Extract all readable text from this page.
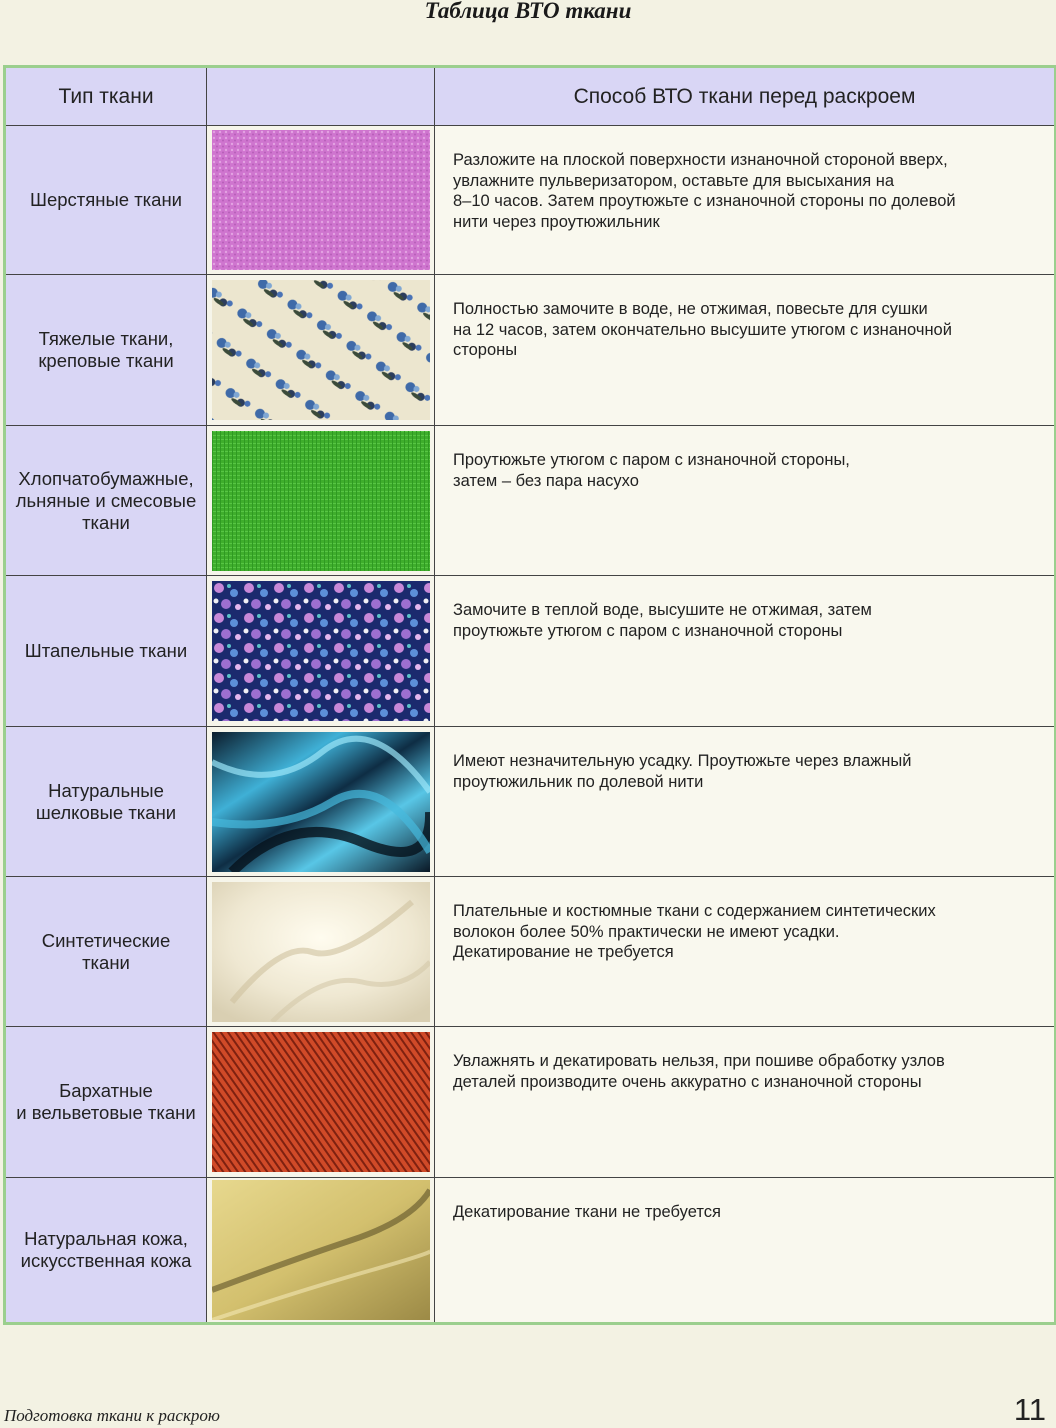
Таблица ВТО ткани
Тип ткани		Способ ВТО ткани перед раскроем
Шерстяные ткани		Разложите на плоской поверхности изнаночной стороной вверх,
увлажните пульверизатором, оставьте для высыхания на
8–10 часов. Затем проутюжьте с изнаночной стороны по долевой
нити через проутюжильник
Тяжелые ткани,
креповые ткани		Полностью замочите в воде, не отжимая, повесьте для сушки
на 12 часов, затем окончательно высушите утюгом с изнаночной
стороны
Хлопчатобумажные,
льняные и смесовые
ткани		Проутюжьте утюгом с паром с изнаночной стороны,
затем – без пара насухо
Штапельные ткани		Замочите в теплой воде, высушите не отжимая, затем
проутюжьте утюгом с паром с изнаночной стороны
Натуральные
шелковые ткани		Имеют незначительную усадку. Проутюжьте через влажный
проутюжильник по долевой нити
Синтетические
ткани		Плательные и костюмные ткани с содержанием синтетических
волокон более 50% практически не имеют усадки.
Декатирование не требуется
Бархатные
и вельветовые ткани		Увлажнять и декатировать нельзя, при пошиве обработку узлов
деталей производите очень аккуратно с изнаночной стороны
Натуральная кожа,
искусственная кожа		Декатирование ткани не требуется
Подготовка ткани к раскрою	11
